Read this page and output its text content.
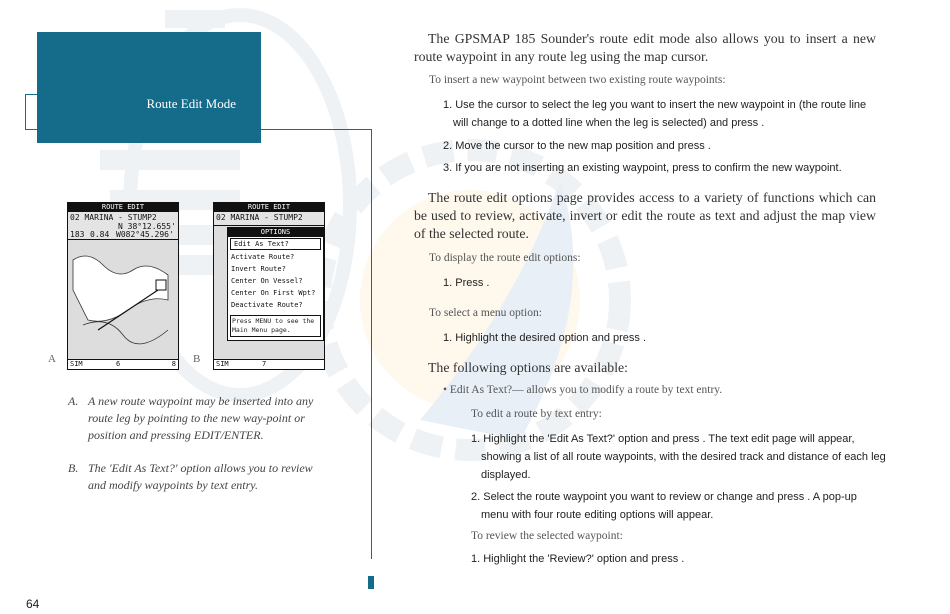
Route Edit Mode
64
ROUTE EDIT
02 MARINA - STUMP2
N 38°12.655'
183 0.84 W082°45.296'
SIM	6	8
A
ROUTE EDIT
02 MARINA - STUMP2
OPTIONS
Edit As Text?
Activate Route?
Invert Route?
Center On Vessel?
Center On First Wpt?
Deactivate Route?
Press MENU to see the Main Menu page.
SIM	7
B
A. A new route waypoint may be inserted into any route leg by pointing to the new way-point or position and pressing EDIT/ENTER.
B. The 'Edit As Text?' option allows you to review and modify waypoints by text entry.
The GPSMAP 185 Sounder's route edit mode also allows you to insert a new route waypoint in any route leg using the map cursor.
To insert a new waypoint between two existing route waypoints:
1. Use the cursor to select the leg you want to insert the new waypoint in (the route line will change to a dotted line when the leg is selected) and press .
2. Move the cursor to the new map position and press .
3. If you are not inserting an existing waypoint, press to confirm the new waypoint.
The route edit options page provides access to a variety of functions which can be used to review, activate, invert or edit the route as text and adjust the map view of the selected route.
To display the route edit options:
1. Press .
To select a menu option:
1. Highlight the desired option and press .
The following options are available:
• Edit As Text?— allows you to modify a route by text entry.
To edit a route by text entry:
1. Highlight the 'Edit As Text?' option and press . The text edit page will appear, showing a list of all route waypoints, with the desired track and distance of each leg displayed.
2. Select the route waypoint you want to review or change and press . A pop-up menu with four route editing options will appear.
To review the selected waypoint:
1. Highlight the 'Review?' option and press .
